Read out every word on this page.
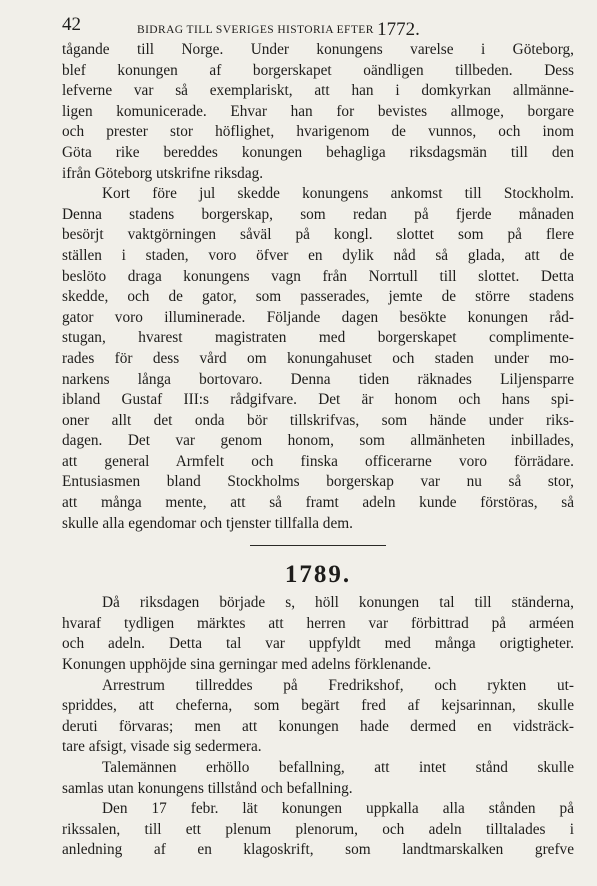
42	BIDRAG TILL SVERIGES HISTORIA EFTER 1772.
tågande till Norge. Under konungens varelse i Göteborg,
blef konungen af borgerskapet oändligen tillbeden. Dess
lefverne var så exemplariskt, att han i domkyrkan allmänne-
ligen komunicerade. Ehvar han for bevistes allmoge, borgare
och prester stor höflighet, hvarigenom de vunnos, och inom
Göta rike bereddes konungen behagliga riksdagsmän till den
ifrån Göteborg utskrifne riksdag.
Kort före jul skedde konungens ankomst till Stockholm.
Denna stadens borgerskap, som redan på fjerde månaden
besörjt vaktgörningen såväl på kongl. slottet som på flere
ställen i staden, voro öfver en dylik nåd så glada, att de
beslöto draga konungens vagn från Norrtull till slottet. Detta
skedde, och de gator, som passerades, jemte de större stadens
gator voro illuminerade. Följande dagen besökte konungen råd-
stugan, hvarest magistraten med borgerskapet complimente-
rades för dess vård om konungahuset och staden under mo-
narkens långa bortovaro. Denna tiden räknades Liljensparre
ibland Gustaf III:s rådgifvare. Det är honom och hans spi-
oner allt det onda bör tillskrifvas, som hände under riks-
dagen. Det var genom honom, som allmänheten inbillades,
att general Armfelt och finska officerarne voro förrädare.
Entusiasmen bland Stockholms borgerskap var nu så stor,
att många mente, att så framt adeln kunde förstöras, så
skulle alla egendomar och tjenster tillfalla dem.
1789.
Då riksdagen började s, höll konungen tal till ständerna,
hvaraf tydligen märktes att herren var förbittrad på arméen
och adeln. Detta tal var uppfyldt med många origtigheter.
Konungen upphöjde sina gerningar med adelns förklenande.
Arrestrum tillreddes på Fredrikshof, och rykten ut-
spriddes, att cheferna, som begärt fred af kejsarinnan, skulle
deruti förvaras; men att konungen hade dermed en vidsträck-
tare afsigt, visade sig sedermera.
Talemännen erhöllo befallning, att intet stånd skulle
samlas utan konungens tillstånd och befallning.
Den 17 febr. lät konungen uppkalla alla stånden på
rikssalen, till ett plenum plenorum, och adeln tilltalades i
anledning af en klagoskrift, som landtmarskalken grefve
